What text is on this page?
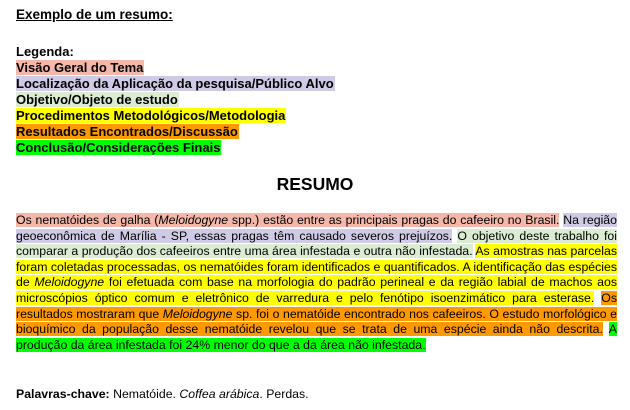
Exemplo de um resumo:
Legenda:
Visão Geral do Tema
Localização da Aplicação da pesquisa/Público Alvo
Objetivo/Objeto de estudo
Procedimentos Metodológicos/Metodologia
Resultados Encontrados/Discussão
Conclusão/Considerações Finais
RESUMO
Os nematóides de galha (Meloidogyne spp.) estão entre as principais pragas do cafeeiro no Brasil. Na região geoeconômica de Marília - SP, essas pragas têm causado severos prejuízos. O objetivo deste trabalho foi comparar a produção dos cafeeiros entre uma área infestada e outra não infestada. As amostras nas parcelas foram coletadas processadas, os nematóides foram identificados e quantificados. A identificação das espécies de Meloidogyne foi efetuada com base na morfologia do padrão perineal e da região labial de machos aos microscópios óptico comum e eletrônico de varredura e pelo fenótipo isoenzimático para esterase. Os resultados mostraram que Meloidogyne sp. foi o nematóide encontrado nos cafeeiros. O estudo morfológico e bioquímico da população desse nematóide revelou que se trata de uma espécie ainda não descrita. A produção da área infestada foi 24% menor do que a da área não infestada.
Palavras-chave: Nematóide. Coffea arábica. Perdas.
